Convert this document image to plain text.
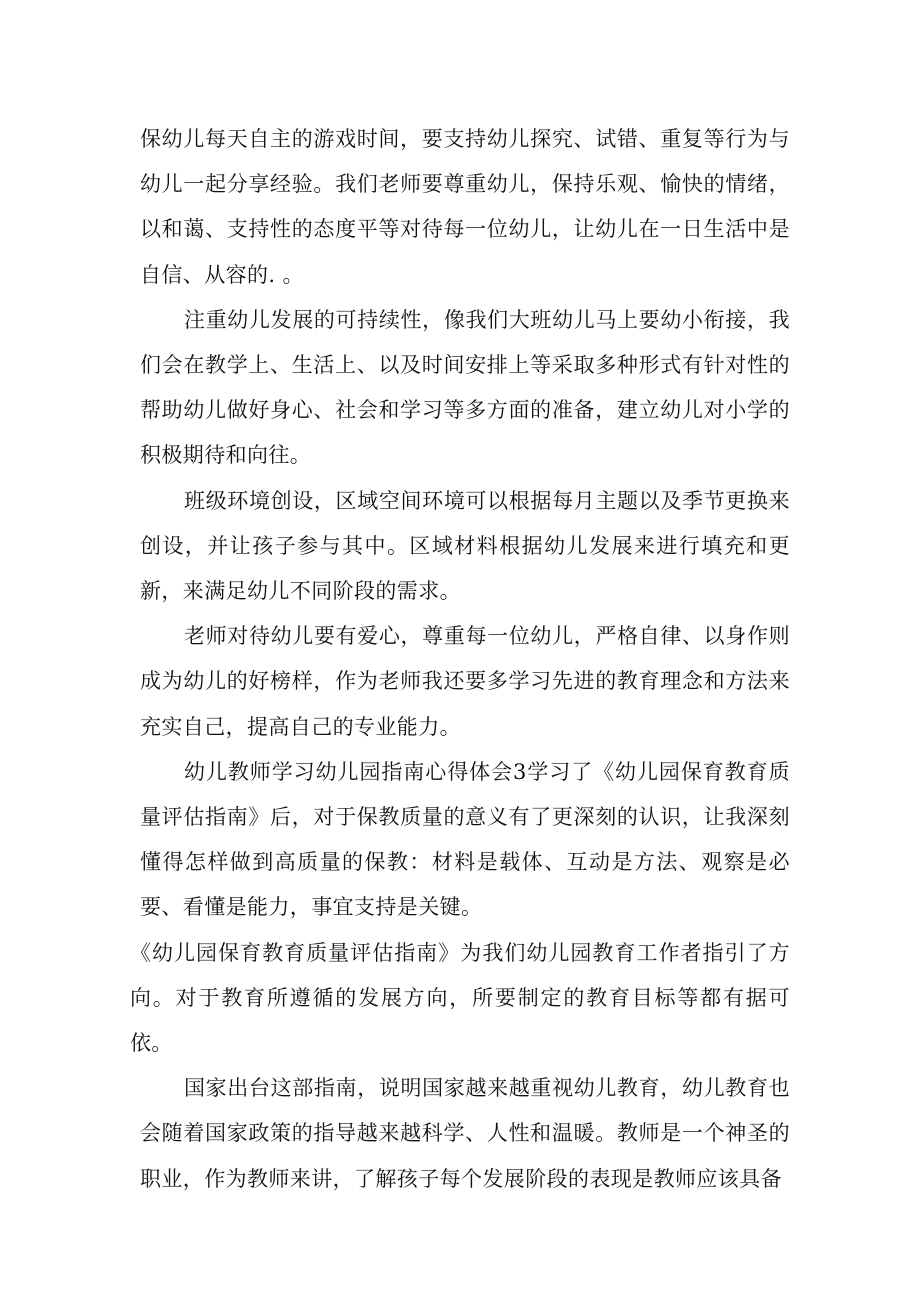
保幼儿每天自主的游戏时间，要支持幼儿探究、试错、重复等行为与幼儿一起分享经验。我们老师要尊重幼儿，保持乐观、愉快的情绪，以和蔼、支持性的态度平等对待每一位幼儿，让幼儿在一日生活中是自信、从容的. 。

注重幼儿发展的可持续性，像我们大班幼儿马上要幼小衔接，我们会在教学上、生活上、以及时间安排上等采取多种形式有针对性的帮助幼儿做好身心、社会和学习等多方面的准备，建立幼儿对小学的积极期待和向往。

班级环境创设，区域空间环境可以根据每月主题以及季节更换来创设，并让孩子参与其中。区域材料根据幼儿发展来进行填充和更新，来满足幼儿不同阶段的需求。

老师对待幼儿要有爱心，尊重每一位幼儿，严格自律、以身作则成为幼儿的好榜样，作为老师我还要多学习先进的教育理念和方法来充实自己，提高自己的专业能力。

幼儿教师学习幼儿园指南心得体会3学习了《幼儿园保育教育质量评估指南》后，对于保教质量的意义有了更深刻的认识，让我深刻懂得怎样做到高质量的保教：材料是载体、互动是方法、观察是必要、看懂是能力，事宜支持是关键。

《幼儿园保育教育质量评估指南》为我们幼儿园教育工作者指引了方向。对于教育所遵循的发展方向，所要制定的教育目标等都有据可依。

国家出台这部指南，说明国家越来越重视幼儿教育，幼儿教育也会随着国家政策的指导越来越科学、人性和温暖。教师是一个神圣的职业，作为教师来讲，了解孩子每个发展阶段的表现是教师应该具备
